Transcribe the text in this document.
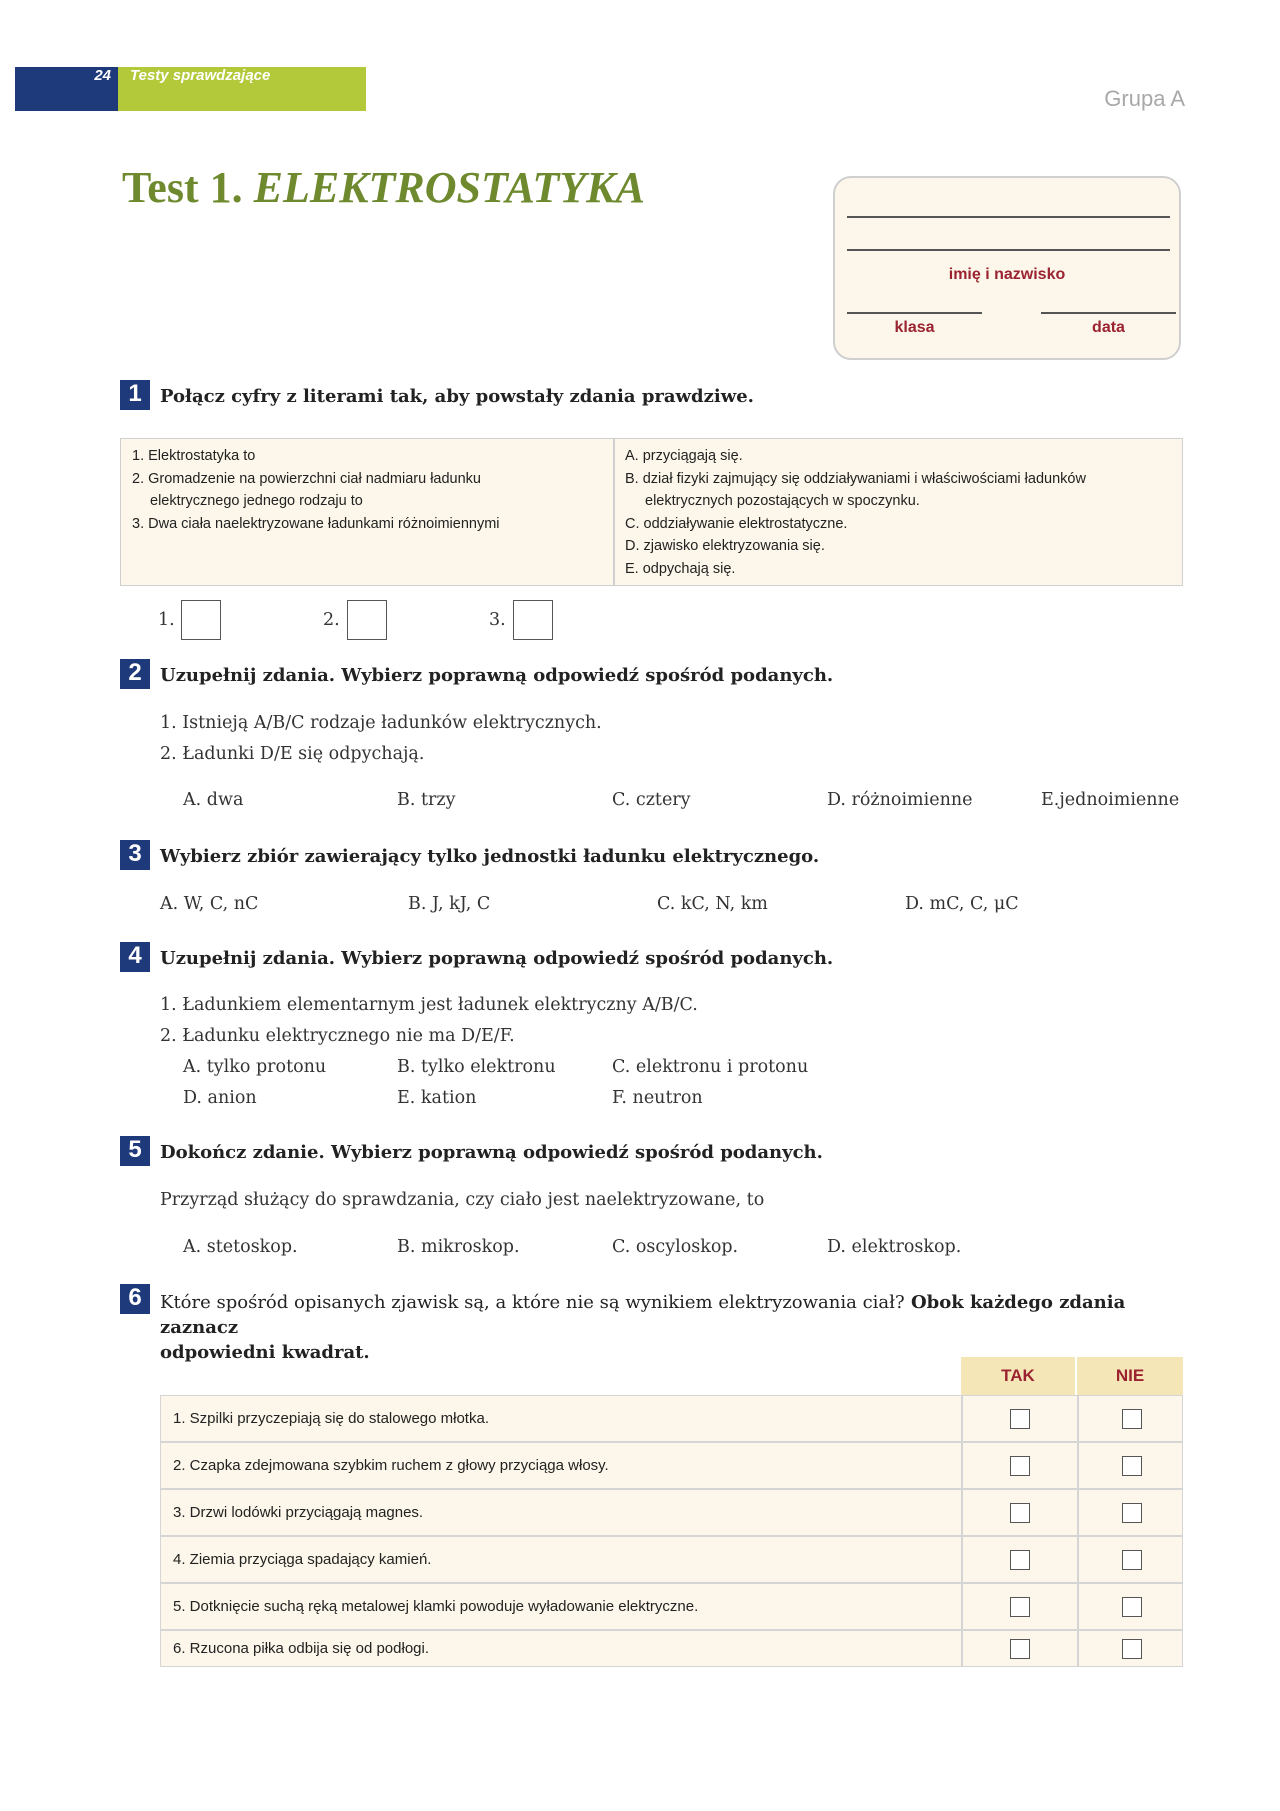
24 Testy sprawdzające
Grupa A
Test 1. ELEKTROSTATYKA
imię i nazwisko
klasa	data
1	Połącz cyfry z literami tak, aby powstały zdania prawdziwe.
1. Elektrostatyka to
2. Gromadzenie na powierzchni ciał nadmiaru ładunku
elektrycznego jednego rodzaju to
3. Dwa ciała naelektryzowane ładunkami różnoimiennymi
A. przyciągają się.
B. dział fizyki zajmujący się oddziaływaniami i właściwościami ładunków
elektrycznych pozostających w spoczynku.
C. oddziaływanie elektrostatyczne.
D. zjawisko elektryzowania się.
E. odpychają się.
1.	2.	3.
2	Uzupełnij zdania. Wybierz poprawną odpowiedź spośród podanych.
1. Istnieją A/B/C rodzaje ładunków elektrycznych.
2. Ładunki D/E się odpychają.
A. dwa	B. trzy	C. cztery	D. różnoimienne	E.jednoimienne
3	Wybierz zbiór zawierający tylko jednostki ładunku elektrycznego.
A. W, C, nC	B. J, kJ, C	C. kC, N, km	D. mC, C, μC
4	Uzupełnij zdania. Wybierz poprawną odpowiedź spośród podanych.
1. Ładunkiem elementarnym jest ładunek elektryczny A/B/C.
2. Ładunku elektrycznego nie ma D/E/F.
A. tylko protonu	B. tylko elektronu	C. elektronu i protonu
D. anion	E. kation	F. neutron
5	Dokończ zdanie. Wybierz poprawną odpowiedź spośród podanych.
Przyrząd służący do sprawdzania, czy ciało jest naelektryzowane, to
A. stetoskop.	B. mikroskop.	C. oscyloskop.	D. elektroskop.
6	Które spośród opisanych zjawisk są, a które nie są wynikiem elektryzowania ciał? Obok każdego zdania zaznacz
odpowiedni kwadrat.
TAK	NIE
1. Szpilki przyczepiają się do stalowego młotka.
2. Czapka zdejmowana szybkim ruchem z głowy przyciąga włosy.
3. Drzwi lodówki przyciągają magnes.
4. Ziemia przyciąga spadający kamień.
5. Dotknięcie suchą ręką metalowej klamki powoduje wyładowanie elektryczne.
6. Rzucona piłka odbija się od podłogi.
